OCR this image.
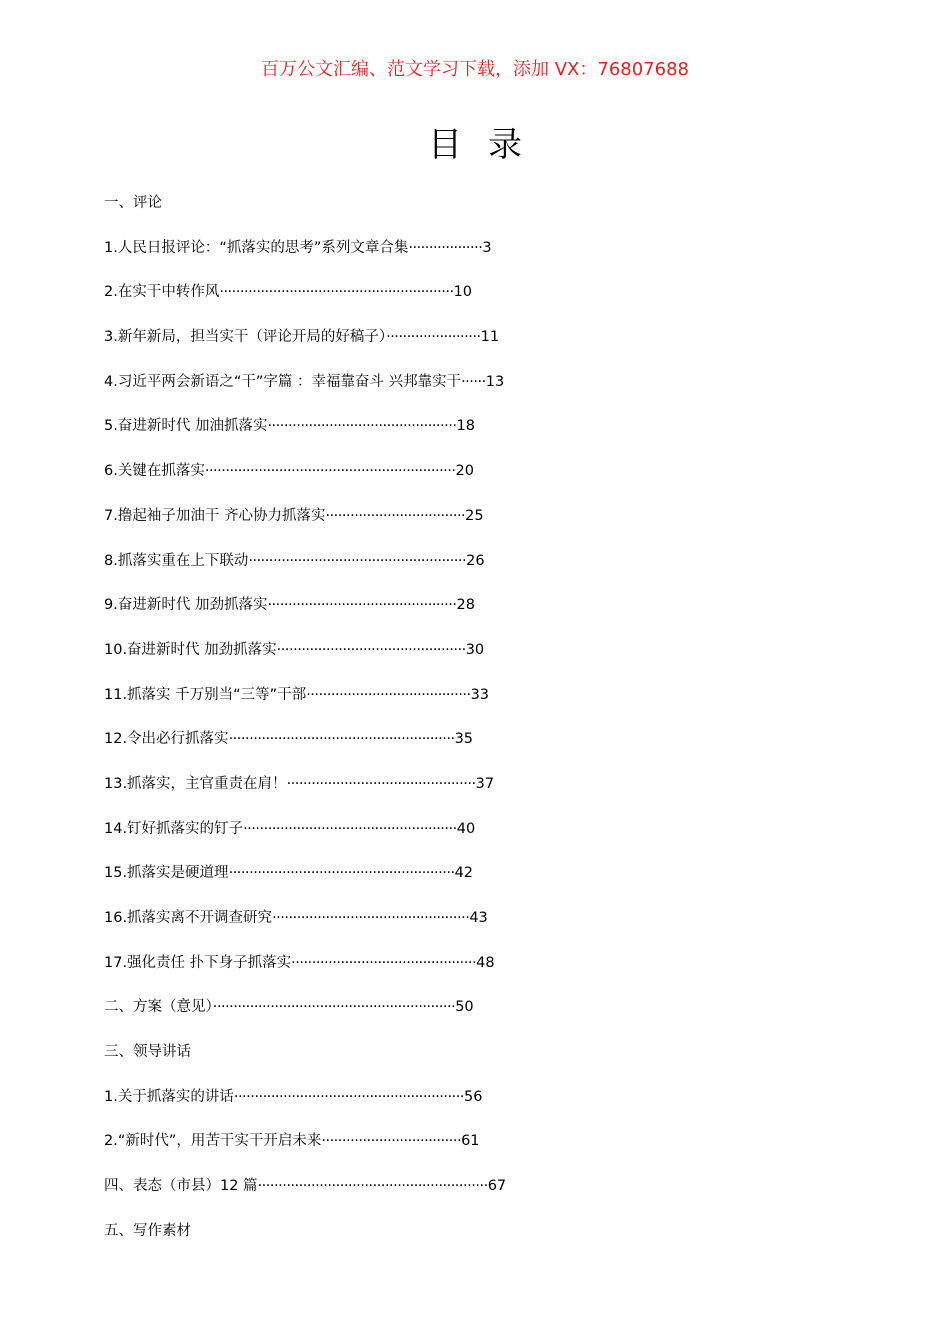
百万公文汇编、范文学习下载，添加 VX：76807688
目录
一、评论
1.人民日报评论：“抓落实的思考”系列文章合集··················3
2.在实干中转作风·························································10
3.新年新局，担当实干（评论开局的好稿子）·······················11
4.习近平两会新语之“干”字篇 ：幸福靠奋斗 兴邦靠实干······13
5.奋进新时代 加油抓落实··············································18
6.关键在抓落实·····························································20
7.撸起袖子加油干 齐心协力抓落实··································25
8.抓落实重在上下联动·····················································26
9.奋进新时代 加劲抓落实··············································28
10.奋进新时代 加劲抓落实··············································30
11.抓落实 千万别当“三等”干部········································33
12.令出必行抓落实·······················································35
13.抓落实，主官重责在肩！··············································37
14.钉好抓落实的钉子····················································40
15.抓落实是硬道理·······················································42
16.抓落实离不开调查研究················································43
17.强化责任 扑下身子抓落实·············································48
二、方案（意见）···························································50
三、领导讲话
1.关于抓落实的讲话························································56
2.“新时代”，用苦干实干开启未来··································61
四、表态（市县）12 篇························································67
五、写作素材
